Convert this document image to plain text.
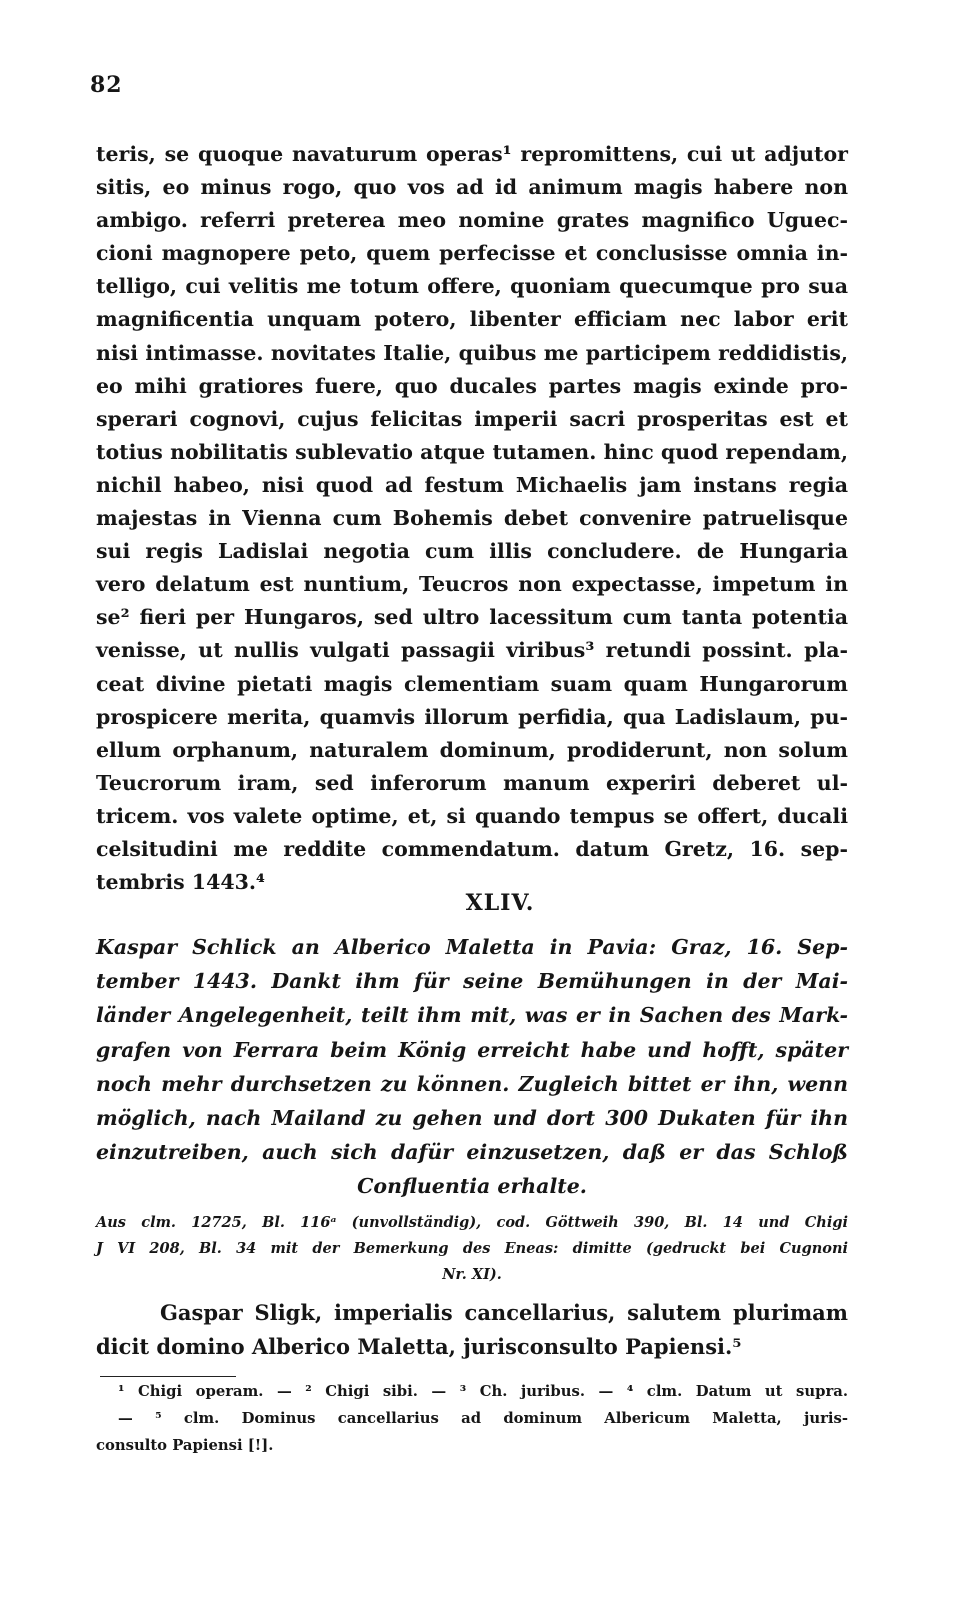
82
teris, se quoque navaturum operas¹ repromittens, cui ut adjutor
sitis, eo minus rogo, quo vos ad id animum magis habere non
ambigo. referri preterea meo nomine grates magnifico Uguec-
cioni magnopere peto, quem perfecisse et conclusisse omnia in-
telligo, cui velitis me totum offere, quoniam quecumque pro sua
magnificentia unquam potero, libenter efficiam nec labor erit
nisi intimasse. novitates Italie, quibus me participem reddidistis,
eo mihi gratiores fuere, quo ducales partes magis exinde pro-
sperari cognovi, cujus felicitas imperii sacri prosperitas est et
totius nobilitatis sublevatio atque tutamen. hinc quod rependam,
nichil habeo, nisi quod ad festum Michaelis jam instans regia
majestas in Vienna cum Bohemis debet convenire patruelisque
sui regis Ladislai negotia cum illis concludere. de Hungaria
vero delatum est nuntium, Teucros non expectasse, impetum in
se² fieri per Hungaros, sed ultro lacessitum cum tanta potentia
venisse, ut nullis vulgati passagii viribus³ retundi possint. pla-
ceat divine pietati magis clementiam suam quam Hungarorum
prospicere merita, quamvis illorum perfidia, qua Ladislaum, pu-
ellum orphanum, naturalem dominum, prodiderunt, non solum
Teucrorum iram, sed inferorum manum experiri deberet ul-
tricem. vos valete optime, et, si quando tempus se offert, ducali
celsitudini me reddite commendatum. datum Gretz, 16. sep-
tembris 1443.⁴
XLIV.
Kaspar Schlick an Alberico Maletta in Pavia: Graz, 16. Sep-
tember 1443. Dankt ihm für seine Bemühungen in der Mai-
länder Angelegenheit, teilt ihm mit, was er in Sachen des Mark-
grafen von Ferrara beim König erreicht habe und hofft, später
noch mehr durchsetzen zu können. Zugleich bittet er ihn, wenn
möglich, nach Mailand zu gehen und dort 300 Dukaten für ihn
einzutreiben, auch sich dafür einzusetzen, daß er das Schloß
Confluentia erhalte.
Aus clm. 12725, Bl. 116ᵃ (unvollständig), cod. Göttweih 390, Bl. 14 und Chigi
J VI 208, Bl. 34 mit der Bemerkung des Eneas: dimitte (gedruckt bei Cugnoni
Nr. XI).
Gaspar Sligk, imperialis cancellarius, salutem plurimam
dicit domino Alberico Maletta, jurisconsulto Papiensi.⁵
¹ Chigi operam. — ² Chigi sibi. — ³ Ch. juribus. — ⁴ clm. Datum ut supra.
— ⁵ clm. Dominus cancellarius ad dominum Albericum Maletta, juris-
consulto Papiensi [!].
